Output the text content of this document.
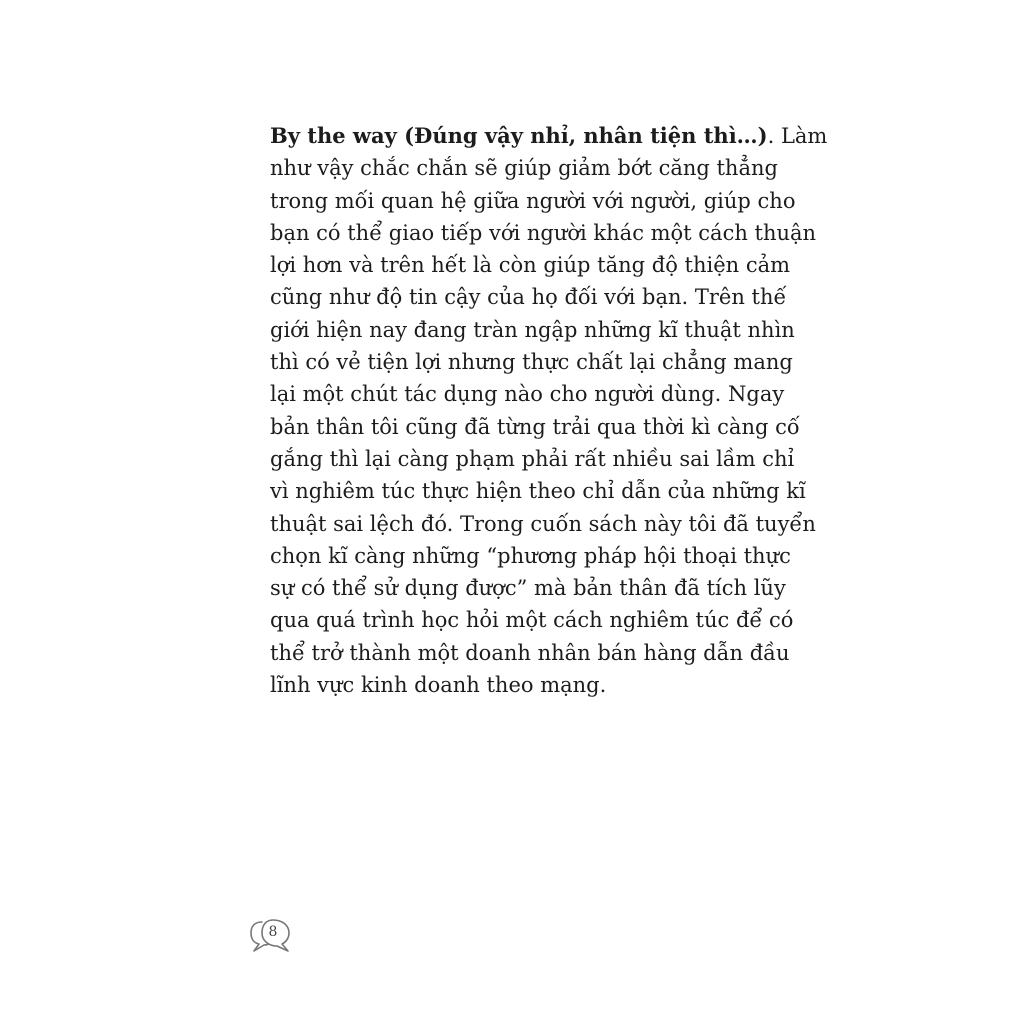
By the way (Đúng vậy nhỉ, nhân tiện thì…). Làm
như vậy chắc chắn sẽ giúp giảm bớt căng thẳng
trong mối quan hệ giữa người với người, giúp cho
bạn có thể giao tiếp với người khác một cách thuận
lợi hơn và trên hết là còn giúp tăng độ thiện cảm
cũng như độ tin cậy của họ đối với bạn. Trên thế
giới hiện nay đang tràn ngập những kĩ thuật nhìn
thì có vẻ tiện lợi nhưng thực chất lại chẳng mang
lại một chút tác dụng nào cho người dùng. Ngay
bản thân tôi cũng đã từng trải qua thời kì càng cố
gắng thì lại càng phạm phải rất nhiều sai lầm chỉ
vì nghiêm túc thực hiện theo chỉ dẫn của những kĩ
thuật sai lệch đó. Trong cuốn sách này tôi đã tuyển
chọn kĩ càng những “phương pháp hội thoại thực
sự có thể sử dụng được” mà bản thân đã tích lũy
qua quá trình học hỏi một cách nghiêm túc để có
thể trở thành một doanh nhân bán hàng dẫn đầu
lĩnh vực kinh doanh theo mạng.
8
